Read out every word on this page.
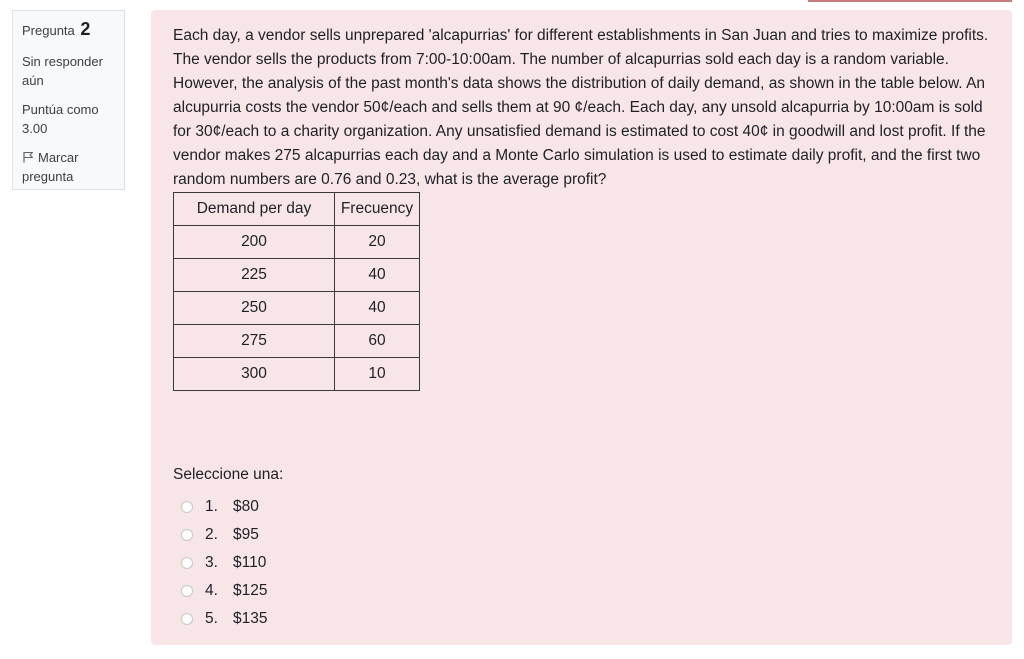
Pregunta 2
Sin responder aún
Puntúa como
3.00
Marcar pregunta

Each day, a vendor sells unprepared 'alcapurrias' for different establishments in San Juan and tries to maximize profits. The vendor sells the products from 7:00-10:00am. The number of alcapurrias sold each day is a random variable. However, the analysis of the past month's data shows the distribution of daily demand, as shown in the table below. An alcupurria costs the vendor 50¢/each and sells them at 90 ¢/each. Each day, any unsold alcapurria by 10:00am is sold for 30¢/each to a charity organization. Any unsatisfied demand is estimated to cost 40¢ in goodwill and lost profit. If the vendor makes 275 alcapurrias each day and a Monte Carlo simulation is used to estimate daily profit, and the first two random numbers are 0.76 and 0.23, what is the average profit?

Demand per day	Frecuency
200	20
225	40
250	40
275	60
300	10
Seleccione una:
1. $80
2. $95
3. $110
4. $125
5. $135
